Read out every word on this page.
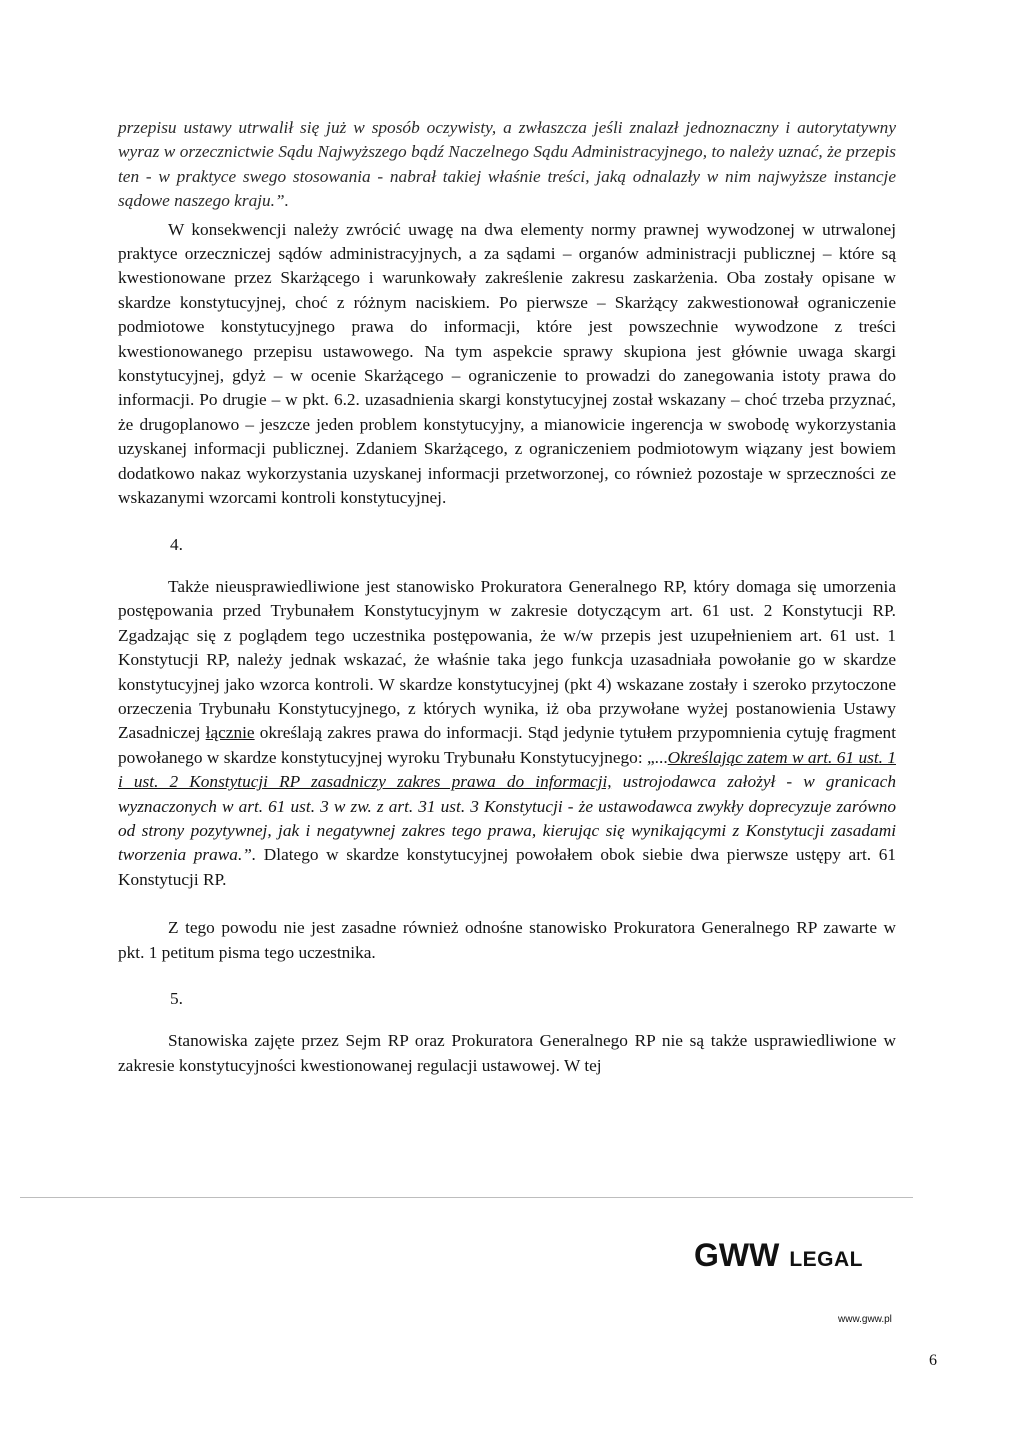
przepisu ustawy utrwalił się już w sposób oczywisty, a zwłaszcza jeśli znalazł jednoznaczny i autorytatywny wyraz w orzecznictwie Sądu Najwyższego bądź Naczelnego Sądu Administracyjnego, to należy uznać, że przepis ten - w praktyce swego stosowania - nabrał takiej właśnie treści, jaką odnalazły w nim najwyższe instancje sądowe naszego kraju.”.

W konsekwencji należy zwrócić uwagę na dwa elementy normy prawnej wywodzonej w utrwalonej praktyce orzeczniczej sądów administracyjnych, a za sądami – organów administracji publicznej – które są kwestionowane przez Skarżącego i warunkowały zakreślenie zakresu zaskarżenia. Oba zostały opisane w skardze konstytucyjnej, choć z różnym naciskiem. Po pierwsze – Skarżący zakwestionował ograniczenie podmiotowe konstytucyjnego prawa do informacji, które jest powszechnie wywodzone z treści kwestionowanego przepisu ustawowego. Na tym aspekcie sprawy skupiona jest głównie uwaga skargi konstytucyjnej, gdyż – w ocenie Skarżącego – ograniczenie to prowadzi do zanegowania istoty prawa do informacji. Po drugie – w pkt. 6.2. uzasadnienia skargi konstytucyjnej został wskazany – choć trzeba przyznać, że drugoplanowo – jeszcze jeden problem konstytucyjny, a mianowicie ingerencja w swobodę wykorzystania uzyskanej informacji publicznej. Zdaniem Skarżącego, z ograniczeniem podmiotowym wiązany jest bowiem dodatkowo nakaz wykorzystania uzyskanej informacji przetworzonej, co również pozostaje w sprzeczności ze wskazanymi wzorcami kontroli konstytucyjnej.

4.

Także nieusprawiedliwione jest stanowisko Prokuratora Generalnego RP, który domaga się umorzenia postępowania przed Trybunałem Konstytucyjnym w zakresie dotyczącym art. 61 ust. 2 Konstytucji RP. Zgadzając się z poglądem tego uczestnika postępowania, że w/w przepis jest uzupełnieniem art. 61 ust. 1 Konstytucji RP, należy jednak wskazać, że właśnie taka jego funkcja uzasadniała powołanie go w skardze konstytucyjnej jako wzorca kontroli. W skardze konstytucyjnej (pkt 4) wskazane zostały i szeroko przytoczone orzeczenia Trybunału Konstytucyjnego, z których wynika, iż oba przywołane wyżej postanowienia Ustawy Zasadniczej łącznie określają zakres prawa do informacji. Stąd jedynie tytułem przypomnienia cytuję fragment powołanego w skardze konstytucyjnej wyroku Trybunału Konstytucyjnego: „...Określając zatem w art. 61 ust. 1 i ust. 2 Konstytucji RP zasadniczy zakres prawa do informacji, ustrojodawca założył - w granicach wyznaczonych w art. 61 ust. 3 w zw. z art. 31 ust. 3 Konstytucji - że ustawodawca zwykły doprecyzuje zarówno od strony pozytywnej, jak i negatywnej zakres tego prawa, kierując się wynikającymi z Konstytucji zasadami tworzenia prawa.”. Dlatego w skardze konstytucyjnej powołałem obok siebie dwa pierwsze ustępy art. 61 Konstytucji RP.

Z tego powodu nie jest zasadne również odnośne stanowisko Prokuratora Generalnego RP zawarte w pkt. 1 petitum pisma tego uczestnika.

5.

Stanowiska zajęte przez Sejm RP oraz Prokuratora Generalnego RP nie są także usprawiedliwione w zakresie konstytucyjności kwestionowanej regulacji ustawowej. W tej

GWW LEGAL
www.gww.pl
6
